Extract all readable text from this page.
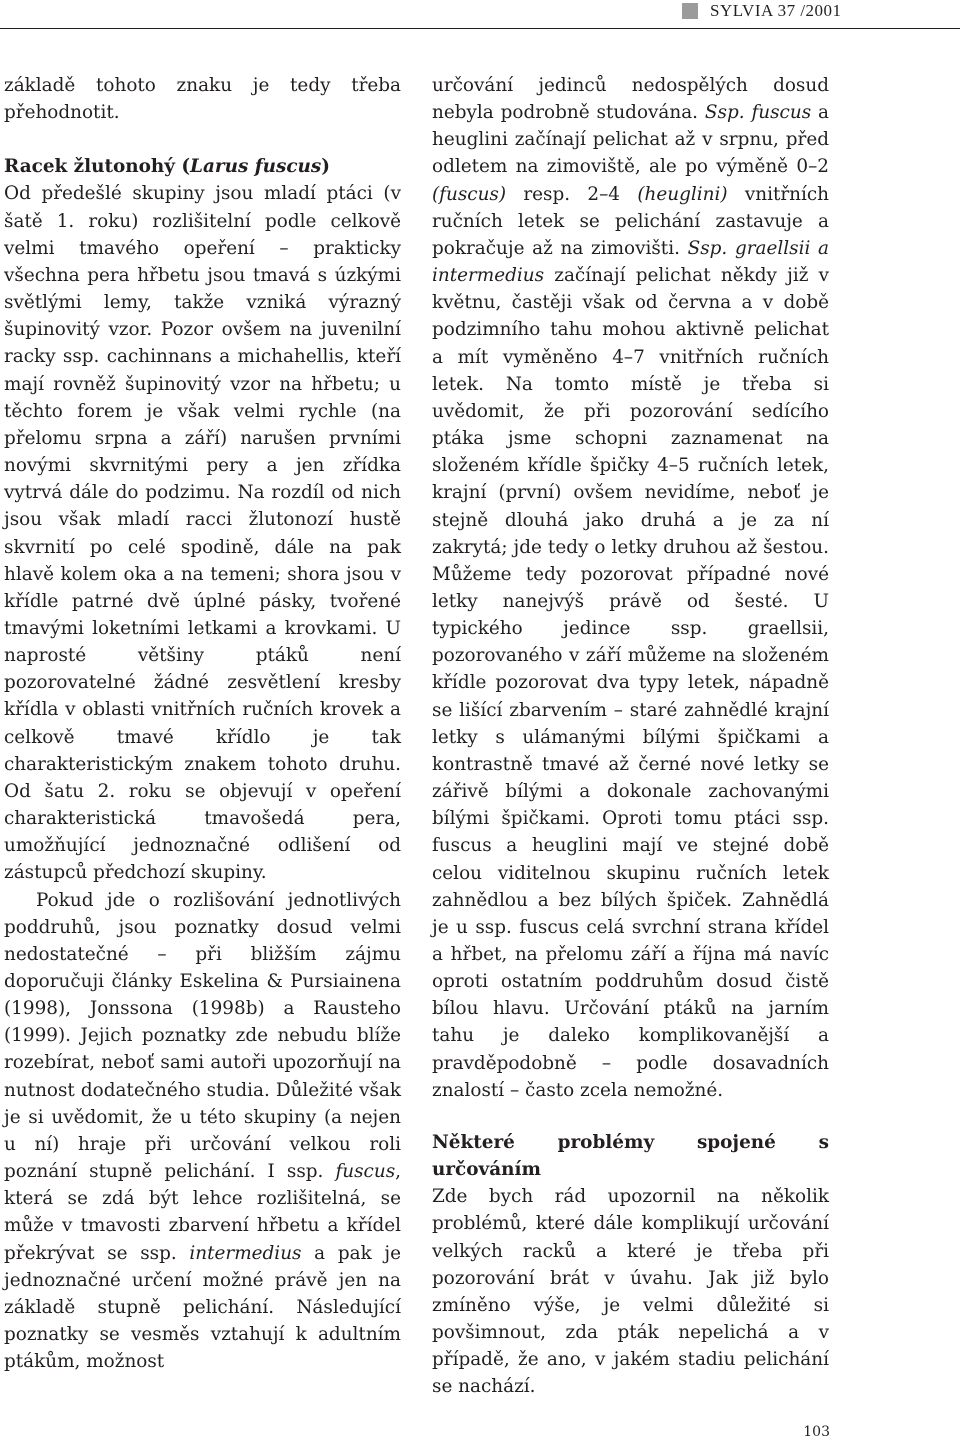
SYLVIA 37 /2001

základě tohoto znaku je tedy třeba přehodnotit.

Racek žlutonohý (Larus fuscus)

Od předešlé skupiny jsou mladí ptáci (v šatě 1. roku) rozlišitelní podle celkově velmi tmavého opeření – prakticky všechna pera hřbetu jsou tmavá s úzkými světlými lemy, takže vzniká výrazný šupinovitý vzor. Pozor ovšem na juvenilní racky ssp. cachinnans a michahellis, kteří mají rovněž šupinovitý vzor na hřbetu; u těchto forem je však velmi rychle (na přelomu srpna a září) narušen prvními novými skvrnitými pery a jen zřídka vytrvá dále do podzimu. Na rozdíl od nich jsou však mladí racci žlutonozí hustě skvrnití po celé spodině, dále na pak hlavě kolem oka a na temeni; shora jsou v křídle patrné dvě úplné pásky, tvořené tmavými loketními letkami a krovkami. U naprosté většiny ptáků není pozorovatelné žádné zesvětlení kresby křídla v oblasti vnitřních ručních krovek a celkově tmavé křídlo je tak charakteristickým znakem tohoto druhu. Od šatu 2. roku se objevují v opeření charakteristická tmavošedá pera, umožňující jednoznačné odlišení od zástupců předchozí skupiny.

Pokud jde o rozlišování jednotlivých poddruhů, jsou poznatky dosud velmi nedostatečné – při bližším zájmu doporučuji články Eskelina & Pursiainena (1998), Jonssona (1998b) a Rausteho (1999). Jejich poznatky zde nebudu blíže rozebírat, neboť sami autoři upozorňují na nutnost dodatečného studia. Důležité však je si uvědomit, že u této skupiny (a nejen u ní) hraje při určování velkou roli poznání stupně pelichání. I ssp. fuscus, která se zdá být lehce rozlišitelná, se může v tmavosti zbarvení hřbetu a křídel překrývat se ssp. intermedius a pak je jednoznačné určení možné právě jen na základě stupně pelichání. Následující poznatky se vesměs vztahují k adultním ptákům, možnost

určování jedinců nedospělých dosud nebyla podrobně studována. Ssp. fuscus a heuglini začínají pelichat až v srpnu, před odletem na zimoviště, ale po výměně 0–2 (fuscus) resp. 2–4 (heuglini) vnitřních ručních letek se pelichání zastavuje a pokračuje až na zimovišti. Ssp. graellsii a intermedius začínají pelichat někdy již v květnu, častěji však od června a v době podzimního tahu mohou aktivně pelichat a mít vyměněno 4–7 vnitřních ručních letek. Na tomto místě je třeba si uvědomit, že při pozorování sedícího ptáka jsme schopni zaznamenat na složeném křídle špičky 4–5 ručních letek, krajní (první) ovšem nevidíme, neboť je stejně dlouhá jako druhá a je za ní zakrytá; jde tedy o letky druhou až šestou. Můžeme tedy pozorovat případné nové letky nanejvýš právě od šesté. U typického jedince ssp. graellsii, pozorovaného v září můžeme na složeném křídle pozorovat dva typy letek, nápadně se lišící zbarvením – staré zahnědlé krajní letky s ulámanými bílými špičkami a kontrastně tmavé až černé nové letky se zářivě bílými a dokonale zachovanými bílými špičkami. Oproti tomu ptáci ssp. fuscus a heuglini mají ve stejné době celou viditelnou skupinu ručních letek zahnědlou a bez bílých špiček. Zahnědlá je u ssp. fuscus celá svrchní strana křídel a hřbet, na přelomu září a října má navíc oproti ostatním poddruhům dosud čistě bílou hlavu. Určování ptáků na jarním tahu je daleko komplikovanější a pravděpodobně – podle dosavadních znalostí – často zcela nemožné.

Některé problémy spojené s určováním

Zde bych rád upozornil na několik problémů, které dále komplikují určování velkých racků a které je třeba při pozorování brát v úvahu. Jak již bylo zmíněno výše, je velmi důležité si povšimnout, zda pták nepelichá a v případě, že ano, v jakém stadiu pelichání se nachází.

103
